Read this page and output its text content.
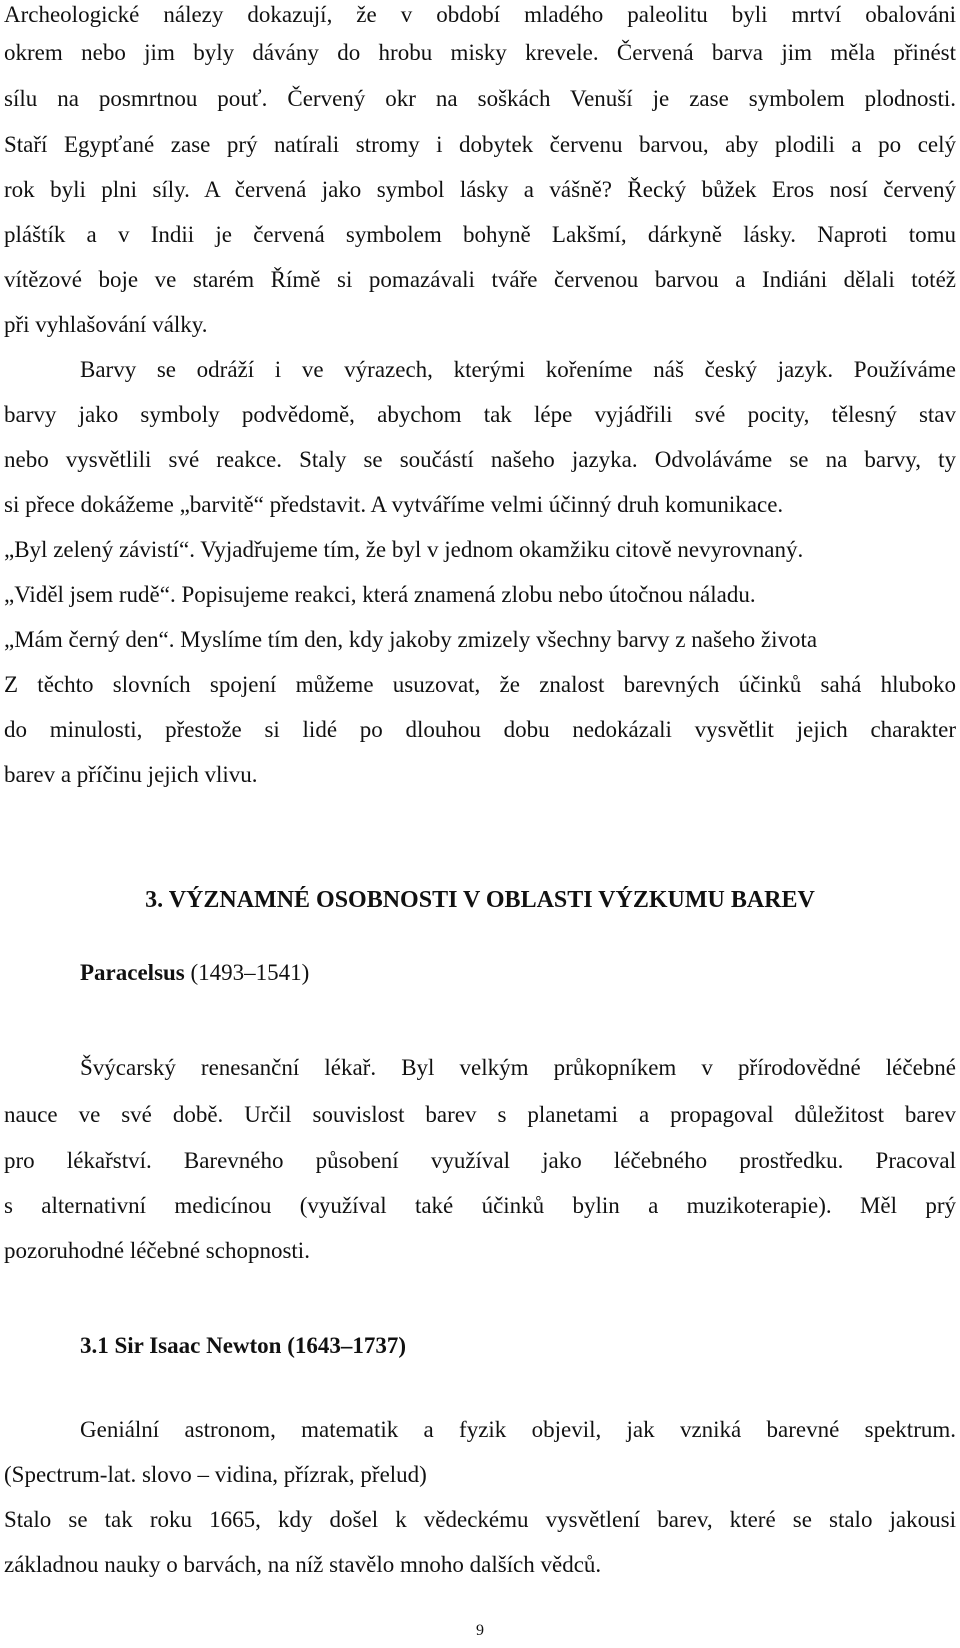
Archeologické nálezy dokazují, že v období mladého paleolitu byli mrtví obalováni
okrem nebo jim byly dávány do hrobu misky krevele. Červená barva jim měla přinést
sílu na posmrtnou pouť. Červený okr na soškách Venuší je zase symbolem plodnosti.
Staří Egypťané zase prý natírali stromy i dobytek červenu barvou, aby plodili a po celý
rok byli plni síly. A červená jako symbol lásky a vášně? Řecký bůžek Eros nosí červený
pláštík a v Indii je červená symbolem bohyně Lakšmí, dárkyně lásky. Naproti tomu
vítězové boje ve starém Římě si pomazávali tváře červenou barvou a Indiáni dělali totéž
při vyhlašování války.
Barvy se odráží i ve výrazech, kterými kořeníme náš český jazyk. Používáme
barvy jako symboly podvědomě, abychom tak lépe vyjádřili své pocity, tělesný stav
nebo vysvětlili své reakce. Staly se součástí našeho jazyka. Odvoláváme se na barvy, ty
si přece dokážeme „barvitě“ představit. A vytváříme velmi účinný druh komunikace.
„Byl zelený závistí“. Vyjadřujeme tím, že byl v jednom okamžiku citově nevyrovnaný.
„Viděl jsem rudě“. Popisujeme reakci, která znamená zlobu nebo útočnou náladu.
„Mám černý den“. Myslíme tím den, kdy jakoby zmizely všechny barvy z našeho života
Z těchto slovních spojení můžeme usuzovat, že znalost barevných účinků sahá hluboko
do minulosti, přestože si lidé po dlouhou dobu nedokázali vysvětlit jejich charakter
barev a příčinu jejich vlivu.
3. VÝZNAMNÉ OSOBNOSTI V OBLASTI VÝZKUMU BAREV
Paracelsus (1493–1541)
Švýcarský renesanční lékař. Byl velkým průkopníkem v přírodovědné léčebné
nauce ve své době. Určil souvislost barev s planetami a propagoval důležitost barev
pro lékařství. Barevného působení využíval jako léčebného prostředku. Pracoval
s alternativní medicínou (využíval také účinků bylin a muzikoterapie). Měl prý
pozoruhodné léčebné schopnosti.
3.1 Sir Isaac Newton (1643–1737)
Geniální astronom, matematik a fyzik objevil, jak vzniká barevné spektrum.
(Spectrum-lat. slovo – vidina, přízrak, přelud)
Stalo se tak roku 1665, kdy došel k vědeckému vysvětlení barev, které se stalo jakousi
základnou nauky o barvách, na níž stavělo mnoho dalších vědců.
9
